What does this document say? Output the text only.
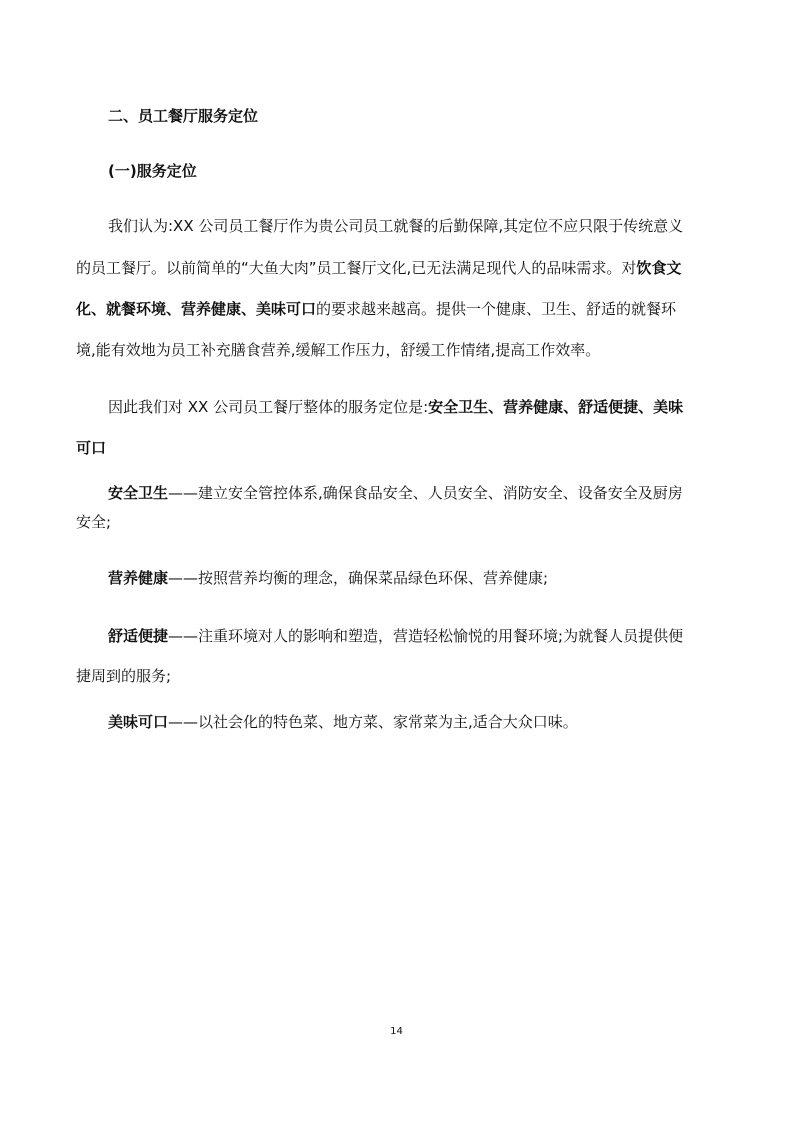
二、员工餐厅服务定位
(一)服务定位
我们认为:XX 公司员工餐厅作为贵公司员工就餐的后勤保障,其定位不应只限于传统意义
的员工餐厅。以前简单的“大鱼大肉”员工餐厅文化,已无法满足现代人的品味需求。对饮食文
化、就餐环境、营养健康、美味可口的要求越来越高。提供一个健康、卫生、舒适的就餐环
境,能有效地为员工补充膳食营养,缓解工作压力，舒缓工作情绪,提高工作效率。
因此我们对 XX 公司员工餐厅整体的服务定位是:安全卫生、营养健康、舒适便捷、美味
可口
安全卫生——建立安全管控体系,确保食品安全、人员安全、消防安全、设备安全及厨房
安全;
营养健康——按照营养均衡的理念，确保菜品绿色环保、营养健康;
舒适便捷——注重环境对人的影响和塑造，营造轻松愉悦的用餐环境;为就餐人员提供便
捷周到的服务;
美味可口——以社会化的特色菜、地方菜、家常菜为主,适合大众口味。
14
